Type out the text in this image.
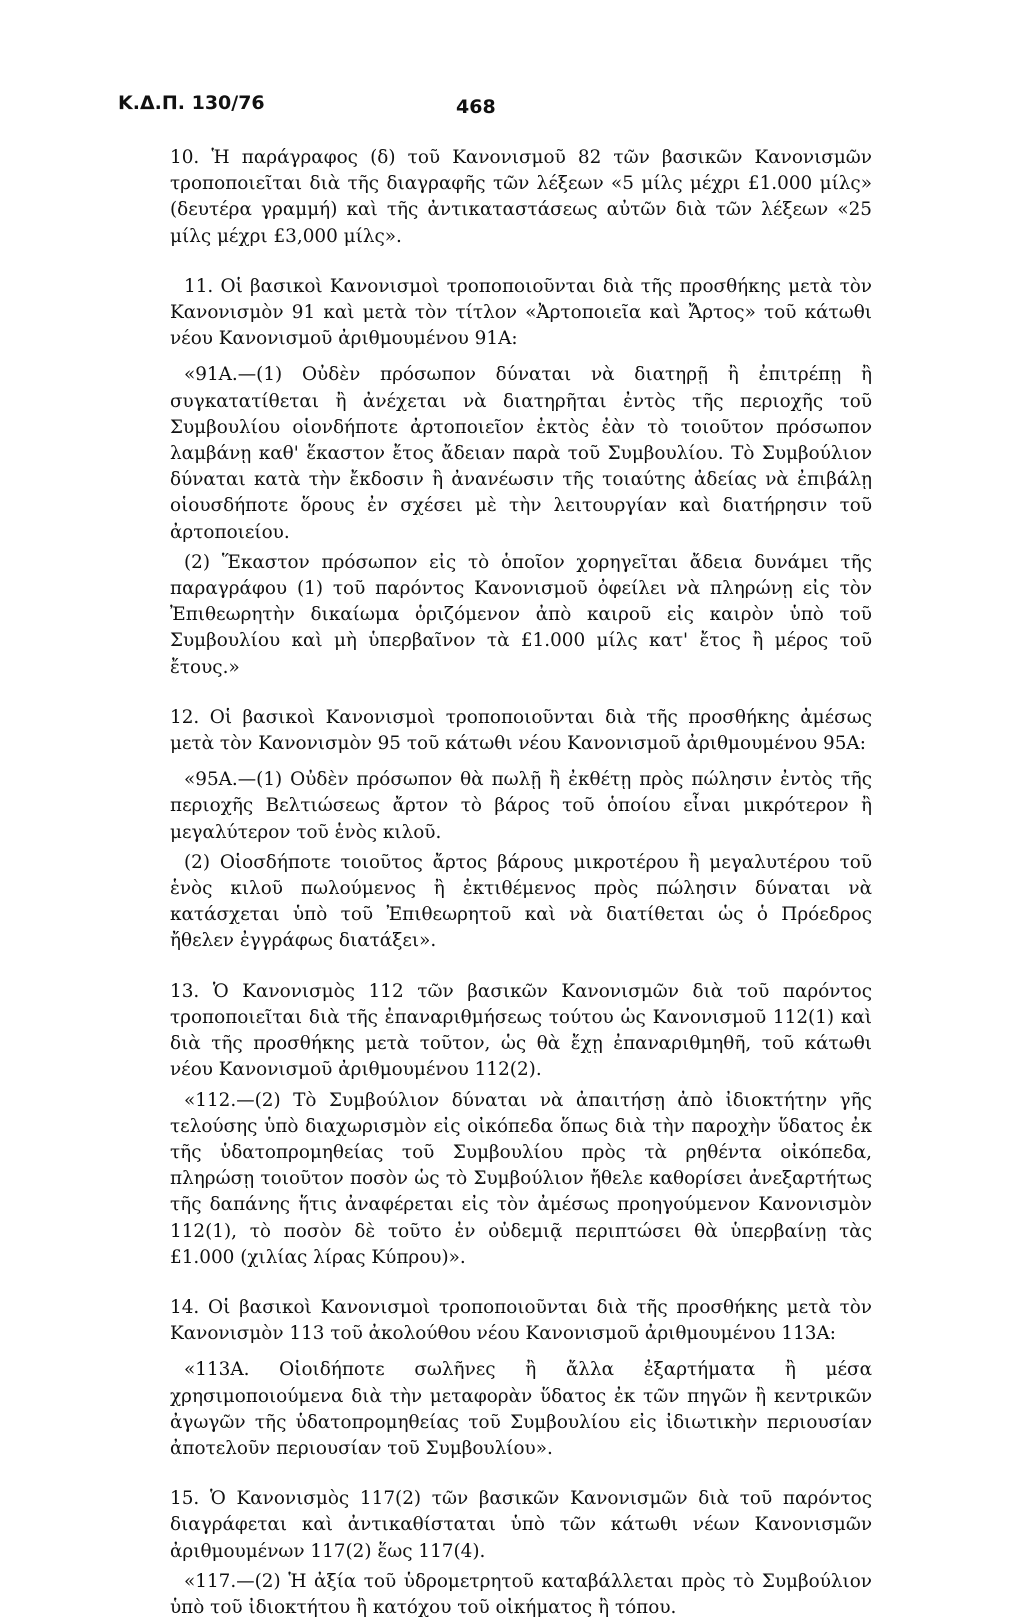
Κ.Δ.Π. 130/76	468

10. Ἡ παράγραφος (δ) τοῦ Κανονισμοῦ 82 τῶν βασικῶν Κανονισμῶν τροποποιεῖται διὰ τῆς διαγραφῆς τῶν λέξεων «5 μίλς μέχρι £1.000 μίλς» (δευτέρα γραμμή) καὶ τῆς ἀντικαταστάσεως αὐτῶν διὰ τῶν λέξεων «25 μίλς μέχρι £3,000 μίλς».

11. Οἱ βασικοὶ Κανονισμοὶ τροποποιοῦνται διὰ τῆς προσθήκης μετὰ τὸν Κανονισμὸν 91 καὶ μετὰ τὸν τίτλον «Ἀρτοποιεῖα καὶ Ἄρτος» τοῦ κάτωθι νέου Κανονισμοῦ ἀριθμουμένου 91Α:

«91Α.—(1) Οὐδὲν πρόσωπον δύναται νὰ διατηρῇ ἢ ἐπιτρέπῃ ἢ συγκατατίθεται ἢ ἀνέχεται νὰ διατηρῆται ἐντὸς τῆς περιοχῆς τοῦ Συμβουλίου οἱονδήποτε ἀρτοποιεῖον ἐκτὸς ἐὰν τὸ τοιοῦτον πρόσωπον λαμβάνῃ καθ' ἕκαστον ἔτος ἄδειαν παρὰ τοῦ Συμβουλίου. Τὸ Συμβούλιον δύναται κατὰ τὴν ἔκδοσιν ἢ ἀνανέωσιν τῆς τοιαύτης ἀδείας νὰ ἐπιβάλῃ οἱουσδήποτε ὅρους ἐν σχέσει μὲ τὴν λειτουργίαν καὶ διατήρησιν τοῦ ἀρτοποιείου.

(2) Ἕκαστον πρόσωπον εἰς τὸ ὁποῖον χορηγεῖται ἄδεια δυνάμει τῆς παραγράφου (1) τοῦ παρόντος Κανονισμοῦ ὀφείλει νὰ πληρώνῃ εἰς τὸν Ἐπιθεωρητὴν δικαίωμα ὁριζόμενον ἀπὸ καιροῦ εἰς καιρὸν ὑπὸ τοῦ Συμβουλίου καὶ μὴ ὑπερβαῖνον τὰ £1.000 μίλς κατ' ἔτος ἢ μέρος τοῦ ἔτους.»

12. Οἱ βασικοὶ Κανονισμοὶ τροποποιοῦνται διὰ τῆς προσθήκης ἀμέσως μετὰ τὸν Κανονισμὸν 95 τοῦ κάτωθι νέου Κανονισμοῦ ἀριθμουμένου 95Α:

«95Α.—(1) Οὐδὲν πρόσωπον θὰ πωλῇ ἢ ἐκθέτῃ πρὸς πώλησιν ἐντὸς τῆς περιοχῆς Βελτιώσεως ἄρτον τὸ βάρος τοῦ ὁποίου εἶναι μικρότερον ἢ μεγαλύτερον τοῦ ἑνὸς κιλοῦ.

(2) Οἱοσδήποτε τοιοῦτος ἄρτος βάρους μικροτέρου ἢ μεγαλυτέρου τοῦ ἑνὸς κιλοῦ πωλούμενος ἢ ἐκτιθέμενος πρὸς πώλησιν δύναται νὰ κατάσχεται ὑπὸ τοῦ Ἐπιθεωρητοῦ καὶ νὰ διατίθεται ὡς ὁ Πρόεδρος ἤθελεν ἐγγράφως διατάξει».

13. Ὁ Κανονισμὸς 112 τῶν βασικῶν Κανονισμῶν διὰ τοῦ παρόντος τροποποιεῖται διὰ τῆς ἐπαναριθμήσεως τούτου ὡς Κανονισμοῦ 112(1) καὶ διὰ τῆς προσθήκης μετὰ τοῦτον, ὡς θὰ ἔχῃ ἐπαναριθμηθῆ, τοῦ κάτωθι νέου Κανονισμοῦ ἀριθμουμένου 112(2).

«112.—(2) Τὸ Συμβούλιον δύναται νὰ ἀπαιτήσῃ ἀπὸ ἰδιοκτήτην γῆς τελούσης ὑπὸ διαχωρισμὸν εἰς οἰκόπεδα ὅπως διὰ τὴν παροχὴν ὕδατος ἐκ τῆς ὑδατοπρομηθείας τοῦ Συμβουλίου πρὸς τὰ ρηθέντα οἰκόπεδα, πληρώσῃ τοιοῦτον ποσὸν ὡς τὸ Συμβούλιον ἤθελε καθορίσει ἀνεξαρτήτως τῆς δαπάνης ἥτις ἀναφέρεται εἰς τὸν ἀμέσως προηγούμενον Κανονισμὸν 112(1), τὸ ποσὸν δὲ τοῦτο ἐν οὐδεμιᾷ περιπτώσει θὰ ὑπερβαίνῃ τὰς £1.000 (χιλίας λίρας Κύπρου)».

14. Οἱ βασικοὶ Κανονισμοὶ τροποποιοῦνται διὰ τῆς προσθήκης μετὰ τὸν Κανονισμὸν 113 τοῦ ἀκολούθου νέου Κανονισμοῦ ἀριθμουμένου 113Α:

«113Α. Οἱοιδήποτε σωλῆνες ἢ ἄλλα ἐξαρτήματα ἢ μέσα χρησιμοποιούμενα διὰ τὴν μεταφορὰν ὕδατος ἐκ τῶν πηγῶν ἢ κεντρικῶν ἀγωγῶν τῆς ὑδατοπρομηθείας τοῦ Συμβουλίου εἰς ἰδιωτικὴν περιουσίαν ἀποτελοῦν περιουσίαν τοῦ Συμβουλίου».

15. Ὁ Κανονισμὸς 117(2) τῶν βασικῶν Κανονισμῶν διὰ τοῦ παρόντος διαγράφεται καὶ ἀντικαθίσταται ὑπὸ τῶν κάτωθι νέων Κανονισμῶν ἀριθμουμένων 117(2) ἕως 117(4).

«117.—(2) Ἡ ἀξία τοῦ ὑδρομετρητοῦ καταβάλλεται πρὸς τὸ Συμβούλιον ὑπὸ τοῦ ἰδιοκτήτου ἢ κατόχου τοῦ οἰκήματος ἢ τόπου.
